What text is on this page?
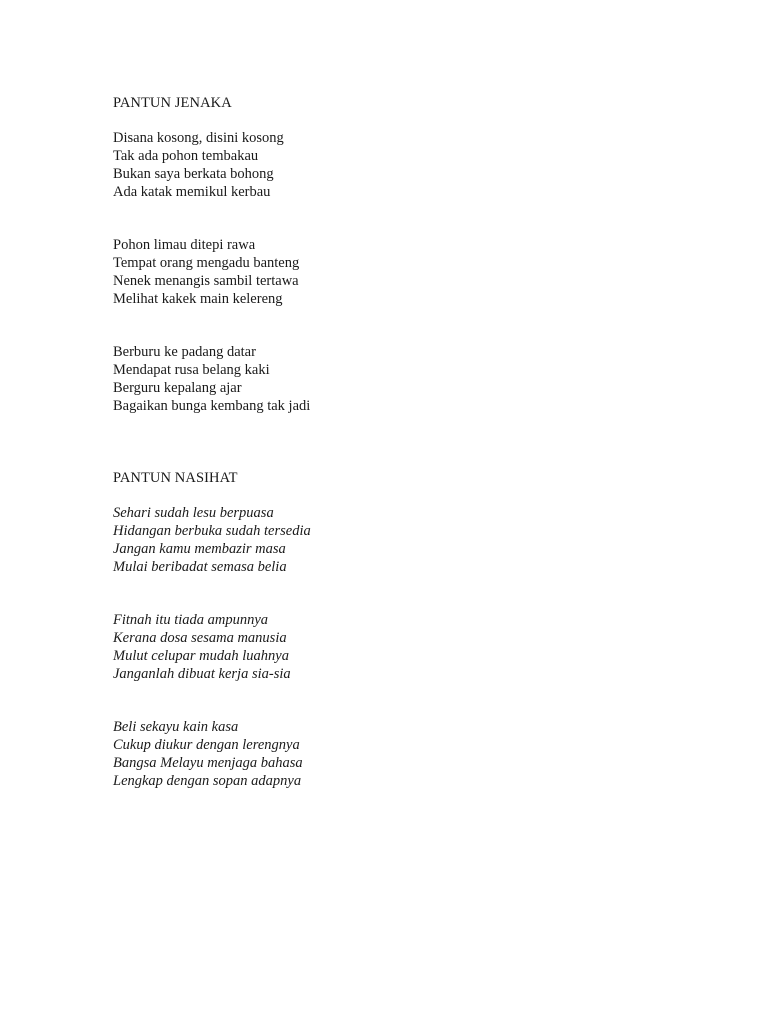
PANTUN JENAKA
Disana kosong, disini kosong
Tak ada pohon tembakau
Bukan saya berkata bohong
Ada katak memikul kerbau
Pohon limau ditepi rawa
Tempat orang mengadu banteng
Nenek menangis sambil tertawa
Melihat kakek main kelereng
Berburu ke padang datar
Mendapat rusa belang kaki
Berguru kepalang ajar
Bagaikan bunga kembang tak jadi
PANTUN NASIHAT
Sehari sudah lesu berpuasa
Hidangan berbuka sudah tersedia
Jangan kamu membazir masa
Mulai beribadat semasa belia
Fitnah itu tiada ampunnya
Kerana dosa sesama manusia
Mulut celupar mudah luahnya
Janganlah dibuat kerja sia-sia
Beli sekayu kain kasa
Cukup diukur dengan lerengnya
Bangsa Melayu menjaga bahasa
Lengkap dengan sopan adapnya
